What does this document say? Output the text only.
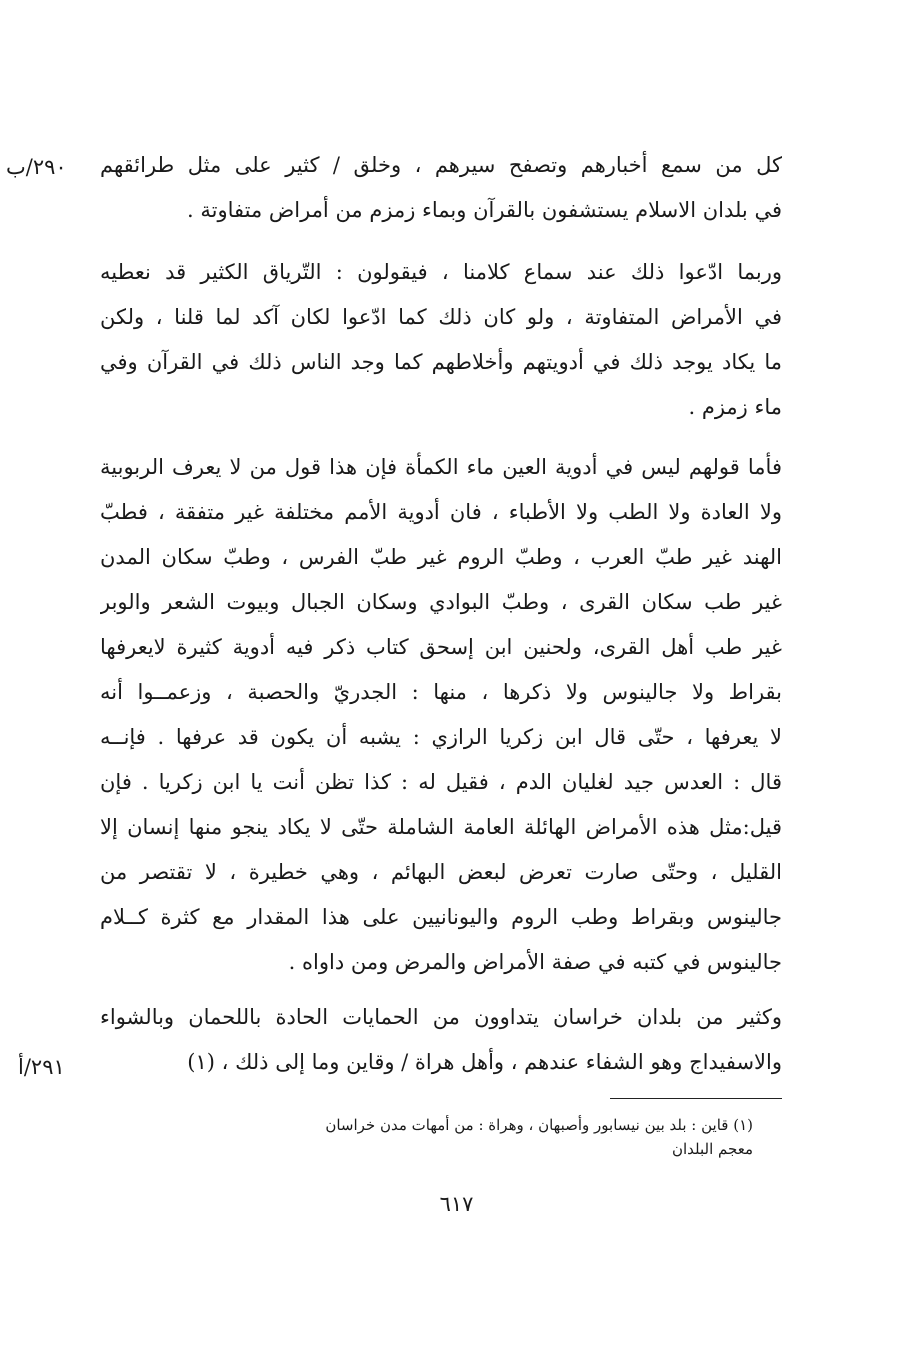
٢٩٠/ب
٢٩١/أ
كل من سمع أخبارهم وتصفح سيرهم ، وخلق / كثير على مثل طرائقهم
في بلدان الاسلام يستشفون بالقرآن وبماء زمزم من أمراض متفاوتة .
وربما ادّعوا ذلك عند سماع كلامنا ، فيقولون : التّرياق الكثير قد نعطيه
في الأمراض المتفاوتة ، ولو كان ذلك كما ادّعوا لكان آكد لما قلنا ، ولكن
ما يكاد يوجد ذلك في أدويتهم وأخلاطهم كما وجد الناس ذلك في القرآن وفي
ماء زمزم .
فأما قولهم ليس في أدوية العين ماء الكمأة فإن هذا قول من لا يعرف الربوبية
ولا العادة ولا الطب ولا الأطباء ، فان أدوية الأمم مختلفة غير متفقة ، فطبّ
الهند غير طبّ العرب ، وطبّ الروم غير طبّ الفرس ، وطبّ سكان المدن
غير طب سكان القرى ، وطبّ البوادي وسكان الجبال وبيوت الشعر والوبر
غير طب أهل القرى، ولحنين ابن إسحق كتاب ذكر فيه أدوية كثيرة لايعرفها
بقراط ولا جالينوس ولا ذكرها ، منها : الجدريّ والحصبة ، وزعمــوا أنه
لا يعرفها ، حتّى قال ابن زكريا الرازي : يشبه أن يكون قد عرفها . فإنــه
قال : العدس جيد لغليان الدم ، فقيل له : كذا تظن أنت يا ابن زكريا . فإن
قيل:مثل هذه الأمراض الهائلة العامة الشاملة حتّى لا يكاد ينجو منها إنسان إلا
القليل ، وحتّى صارت تعرض لبعض البهائم ، وهي خطيرة ، لا تقتصر من
جالينوس وبقراط وطب الروم واليونانيين على هذا المقدار مع كثرة كــلام
جالينوس في كتبه في صفة الأمراض والمرض ومن داواه .
وكثير من بلدان خراسان يتداوون من الحمايات الحادة باللحمان وبالشواء
والاسفيداج وهو الشفاء عندهم ، وأهل هراة / وقاين وما إلى ذلك ، (١)
(١) قاين : بلد بين نيسابور وأصبهان ، وهراة : من أمهات مدن خراسان
معجم البلدان
٦١٧
